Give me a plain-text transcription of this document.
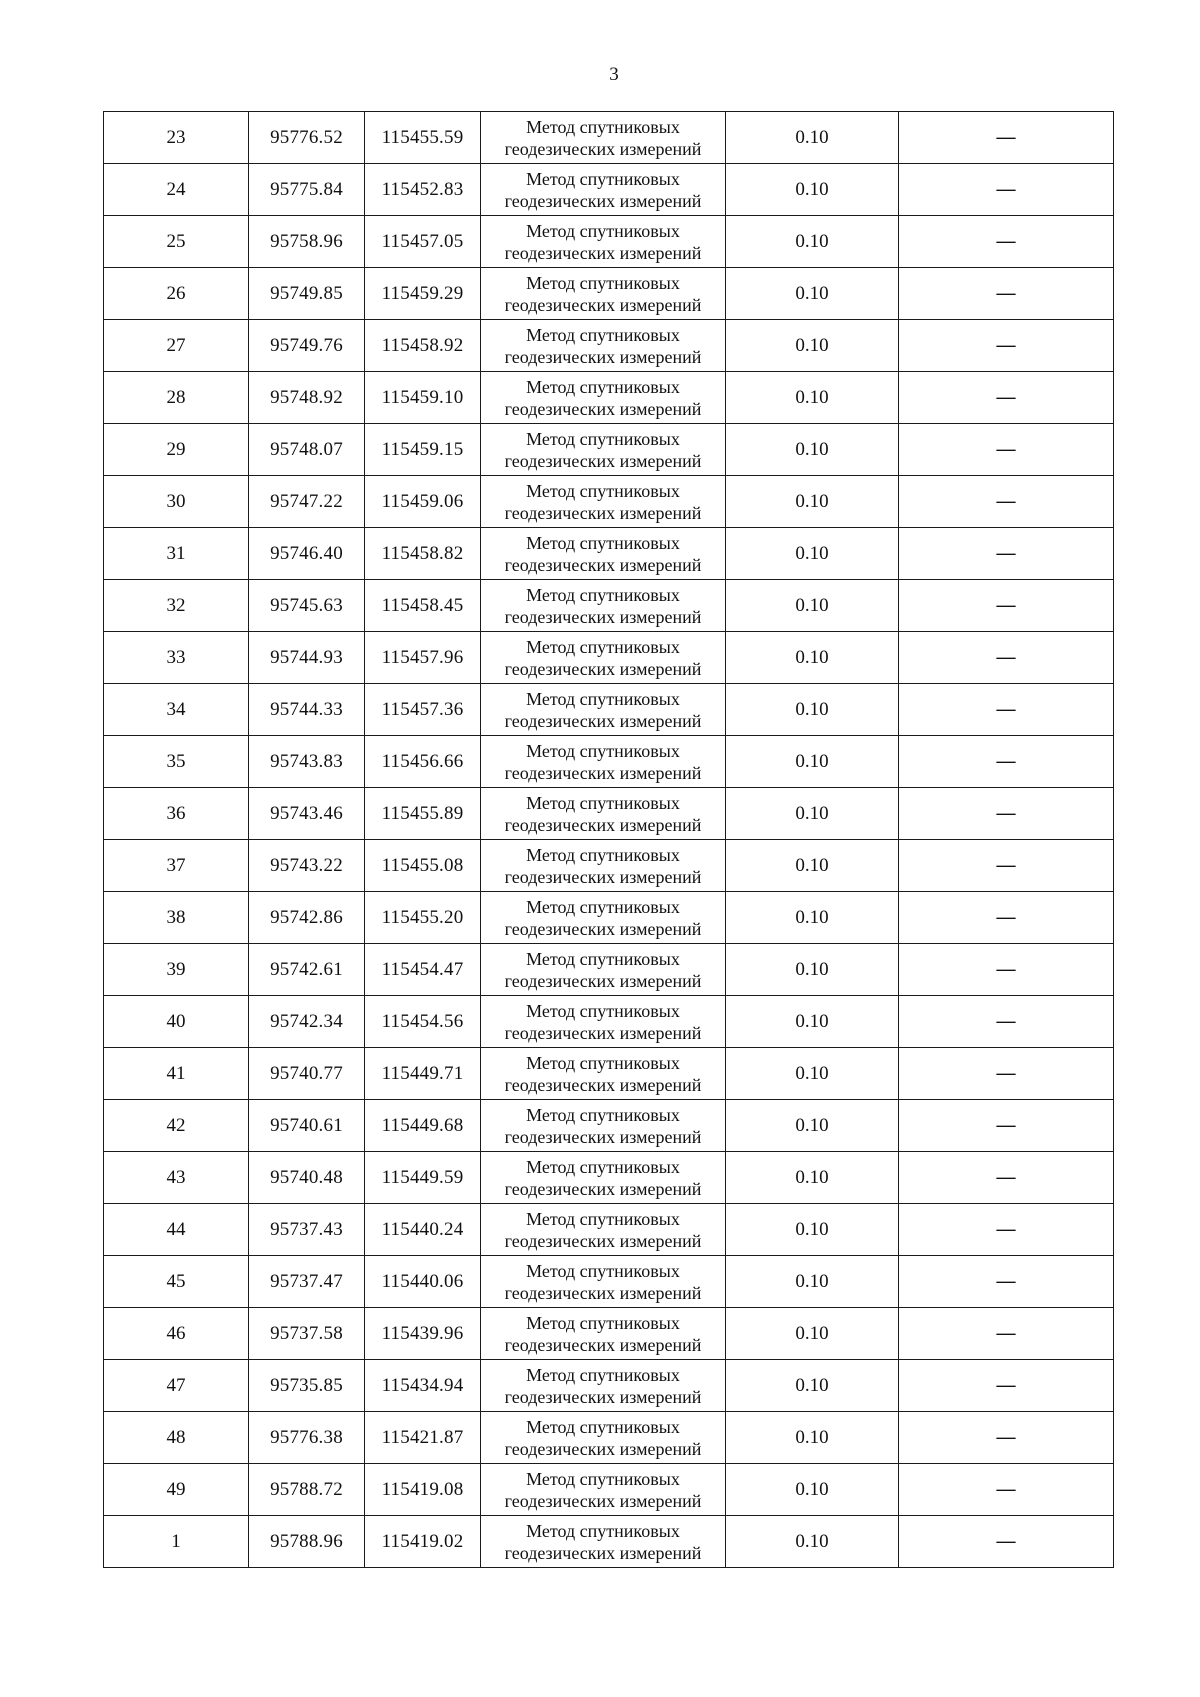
3
23	95776.52	115455.59	Метод спутниковых геодезических измерений	0.10	—
24	95775.84	115452.83	Метод спутниковых геодезических измерений	0.10	—
25	95758.96	115457.05	Метод спутниковых геодезических измерений	0.10	—
26	95749.85	115459.29	Метод спутниковых геодезических измерений	0.10	—
27	95749.76	115458.92	Метод спутниковых геодезических измерений	0.10	—
28	95748.92	115459.10	Метод спутниковых геодезических измерений	0.10	—
29	95748.07	115459.15	Метод спутниковых геодезических измерений	0.10	—
30	95747.22	115459.06	Метод спутниковых геодезических измерений	0.10	—
31	95746.40	115458.82	Метод спутниковых геодезических измерений	0.10	—
32	95745.63	115458.45	Метод спутниковых геодезических измерений	0.10	—
33	95744.93	115457.96	Метод спутниковых геодезических измерений	0.10	—
34	95744.33	115457.36	Метод спутниковых геодезических измерений	0.10	—
35	95743.83	115456.66	Метод спутниковых геодезических измерений	0.10	—
36	95743.46	115455.89	Метод спутниковых геодезических измерений	0.10	—
37	95743.22	115455.08	Метод спутниковых геодезических измерений	0.10	—
38	95742.86	115455.20	Метод спутниковых геодезических измерений	0.10	—
39	95742.61	115454.47	Метод спутниковых геодезических измерений	0.10	—
40	95742.34	115454.56	Метод спутниковых геодезических измерений	0.10	—
41	95740.77	115449.71	Метод спутниковых геодезических измерений	0.10	—
42	95740.61	115449.68	Метод спутниковых геодезических измерений	0.10	—
43	95740.48	115449.59	Метод спутниковых геодезических измерений	0.10	—
44	95737.43	115440.24	Метод спутниковых геодезических измерений	0.10	—
45	95737.47	115440.06	Метод спутниковых геодезических измерений	0.10	—
46	95737.58	115439.96	Метод спутниковых геодезических измерений	0.10	—
47	95735.85	115434.94	Метод спутниковых геодезических измерений	0.10	—
48	95776.38	115421.87	Метод спутниковых геодезических измерений	0.10	—
49	95788.72	115419.08	Метод спутниковых геодезических измерений	0.10	—
1	95788.96	115419.02	Метод спутниковых геодезических измерений	0.10	—
